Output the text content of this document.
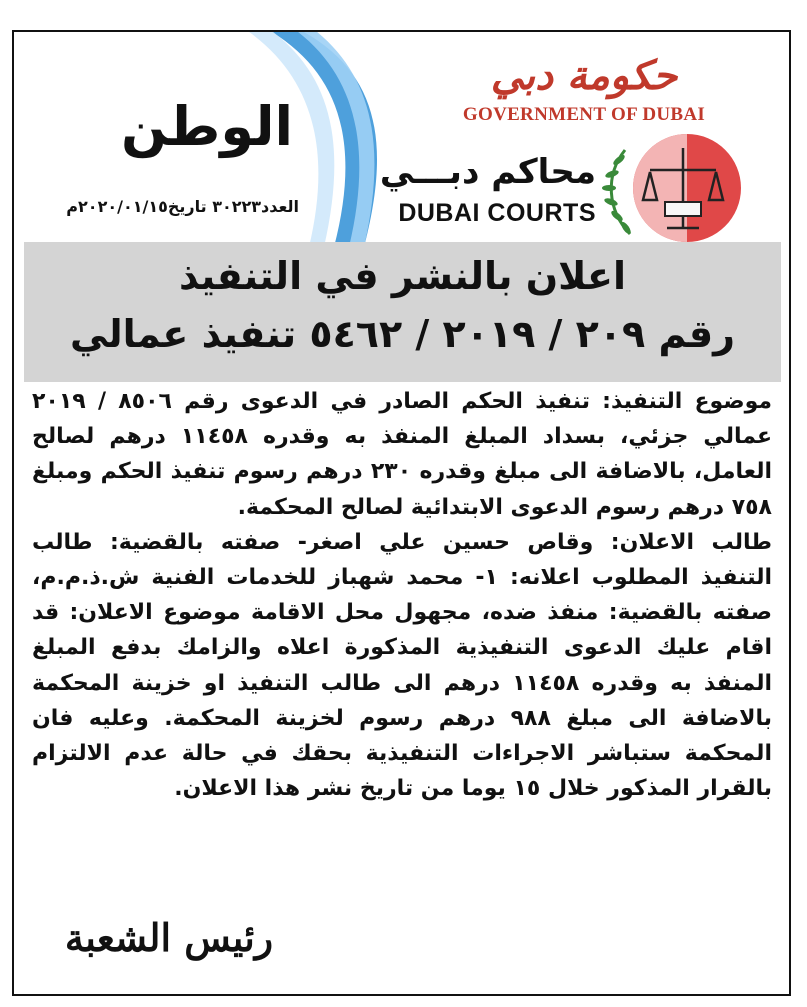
الوطن
العدد٣٠٢٢٣ تاريخ٢٠٢٠/٠١/١٥م
حكومة دبي
GOVERNMENT OF DUBAI
محاكم دبـــي
DUBAI COURTS
اعلان بالنشر في التنفيذ
رقم ٢٠٩ / ٢٠١٩ / ٥٤٦٢ تنفيذ عمالي

موضوع التنفيذ: تنفيذ الحكم الصادر في الدعوى رقم ٨٥٠٦ / ٢٠١٩ عمالي جزئي، بسداد المبلغ المنفذ به وقدره ١١٤٥٨ درهم لصالح العامل، بالاضافة الى مبلغ وقدره ٢٣٠ درهم رسوم تنفيذ الحكم ومبلغ ٧٥٨ درهم رسوم الدعوى الابتدائية لصالح المحكمة.

طالب الاعلان: وقاص حسين علي اصغر- صفته بالقضية: طالب التنفيذ المطلوب اعلانه: ١- محمد شهباز للخدمات الفنية ش.ذ.م.م، صفته بالقضية: منفذ ضده، مجهول محل الاقامة موضوع الاعلان: قد اقام عليك الدعوى التنفيذية المذكورة اعلاه والزامك بدفع المبلغ المنفذ به وقدره ١١٤٥٨ درهم الى طالب التنفيذ او خزينة المحكمة بالاضافة الى مبلغ ٩٨٨ درهم رسوم لخزينة المحكمة. وعليه فان المحكمة ستباشر الاجراءات التنفيذية بحقك في حالة عدم الالتزام بالقرار المذكور خلال ١٥ يوما من تاريخ نشر هذا الاعلان.

رئيس الشعبة
